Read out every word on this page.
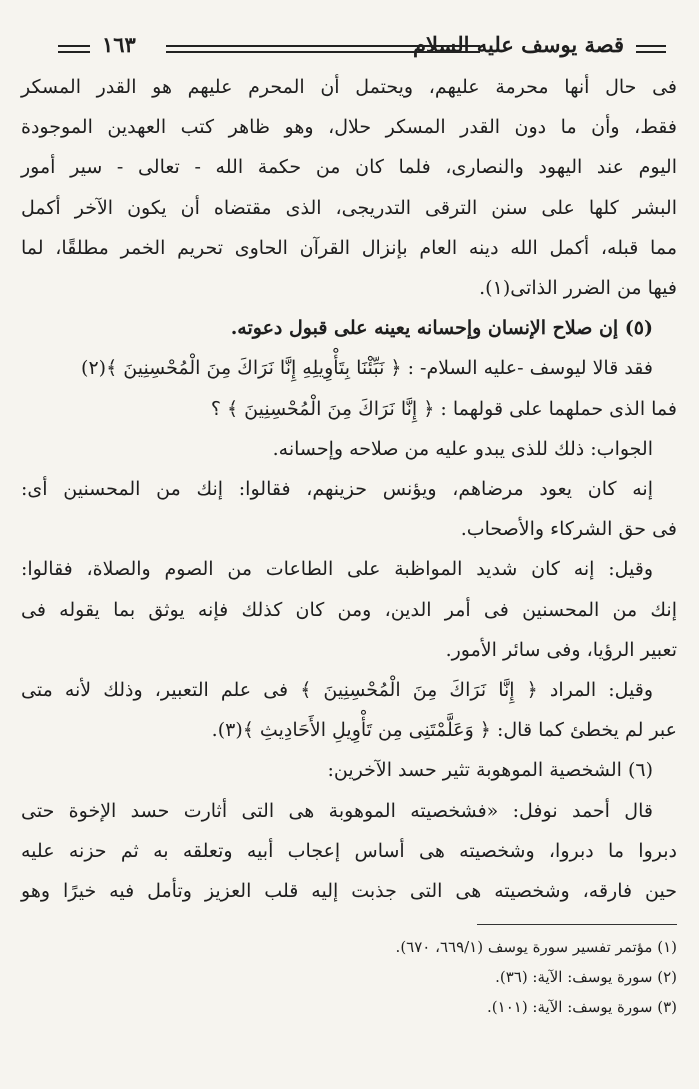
قصة يوسف عليه السلام
١٦٣
فى حال أنها محرمة عليهم، ويحتمل أن المحرم عليهم هو القدر المسكر
فقط، وأن ما دون القدر المسكر حلال، وهو ظاهر كتب العهدين الموجودة
اليوم عند اليهود والنصارى، فلما كان من حكمة الله - تعالى - سير أمور
البشر كلها على سنن الترقى التدريجى، الذى مقتضاه أن يكون الآخر أكمل
مما قبله، أكمل الله دينه العام بإنزال القرآن الحاوى تحريم الخمر مطلقًا، لما
فيها من الضرر الذاتى(١).
(٥) إن صلاح الإنسان وإحسانه يعينه على قبول دعوته.
فقد قالا ليوسف -عليه السلام- : ﴿ نَبِّئْنَا بِتَأْوِيلِهِ إِنَّا نَرَاكَ مِنَ الْمُحْسِنِينَ ﴾(٢)
فما الذى حملهما على قولهما : ﴿ إِنَّا نَرَاكَ مِنَ الْمُحْسِنِينَ ﴾ ؟
الجواب: ذلك للذى يبدو عليه من صلاحه وإحسانه.
إنه كان يعود مرضاهم، ويؤنس حزينهم، فقالوا: إنك من المحسنين أى:
فى حق الشركاء والأصحاب.
وقيل: إنه كان شديد المواظبة على الطاعات من الصوم والصلاة، فقالوا:
إنك من المحسنين فى أمر الدين، ومن كان كذلك فإنه يوثق بما يقوله فى
تعبير الرؤيا، وفى سائر الأمور.
وقيل: المراد ﴿ إِنَّا نَرَاكَ مِنَ الْمُحْسِنِينَ ﴾ فى علم التعبير، وذلك لأنه متى
عبر لم يخطئ كما قال: ﴿ وَعَلَّمْتَنِى مِن تَأْوِيلِ الأَحَادِيثِ ﴾(٣).
(٦) الشخصية الموهوبة تثير حسد الآخرين:
قال أحمد نوفل: «فشخصيته الموهوبة هى التى أثارت حسد الإخوة حتى
دبروا ما دبروا، وشخصيته هى أساس إعجاب أبيه وتعلقه به ثم حزنه عليه
حين فارقه، وشخصيته هى التى جذبت إليه قلب العزيز وتأمل فيه خيرًا وهو
(١) مؤتمر تفسير سورة يوسف (٦٦٩/١، ٦٧٠).
(٢) سورة يوسف: الآية: (٣٦).
(٣) سورة يوسف: الآية: (١٠١).
